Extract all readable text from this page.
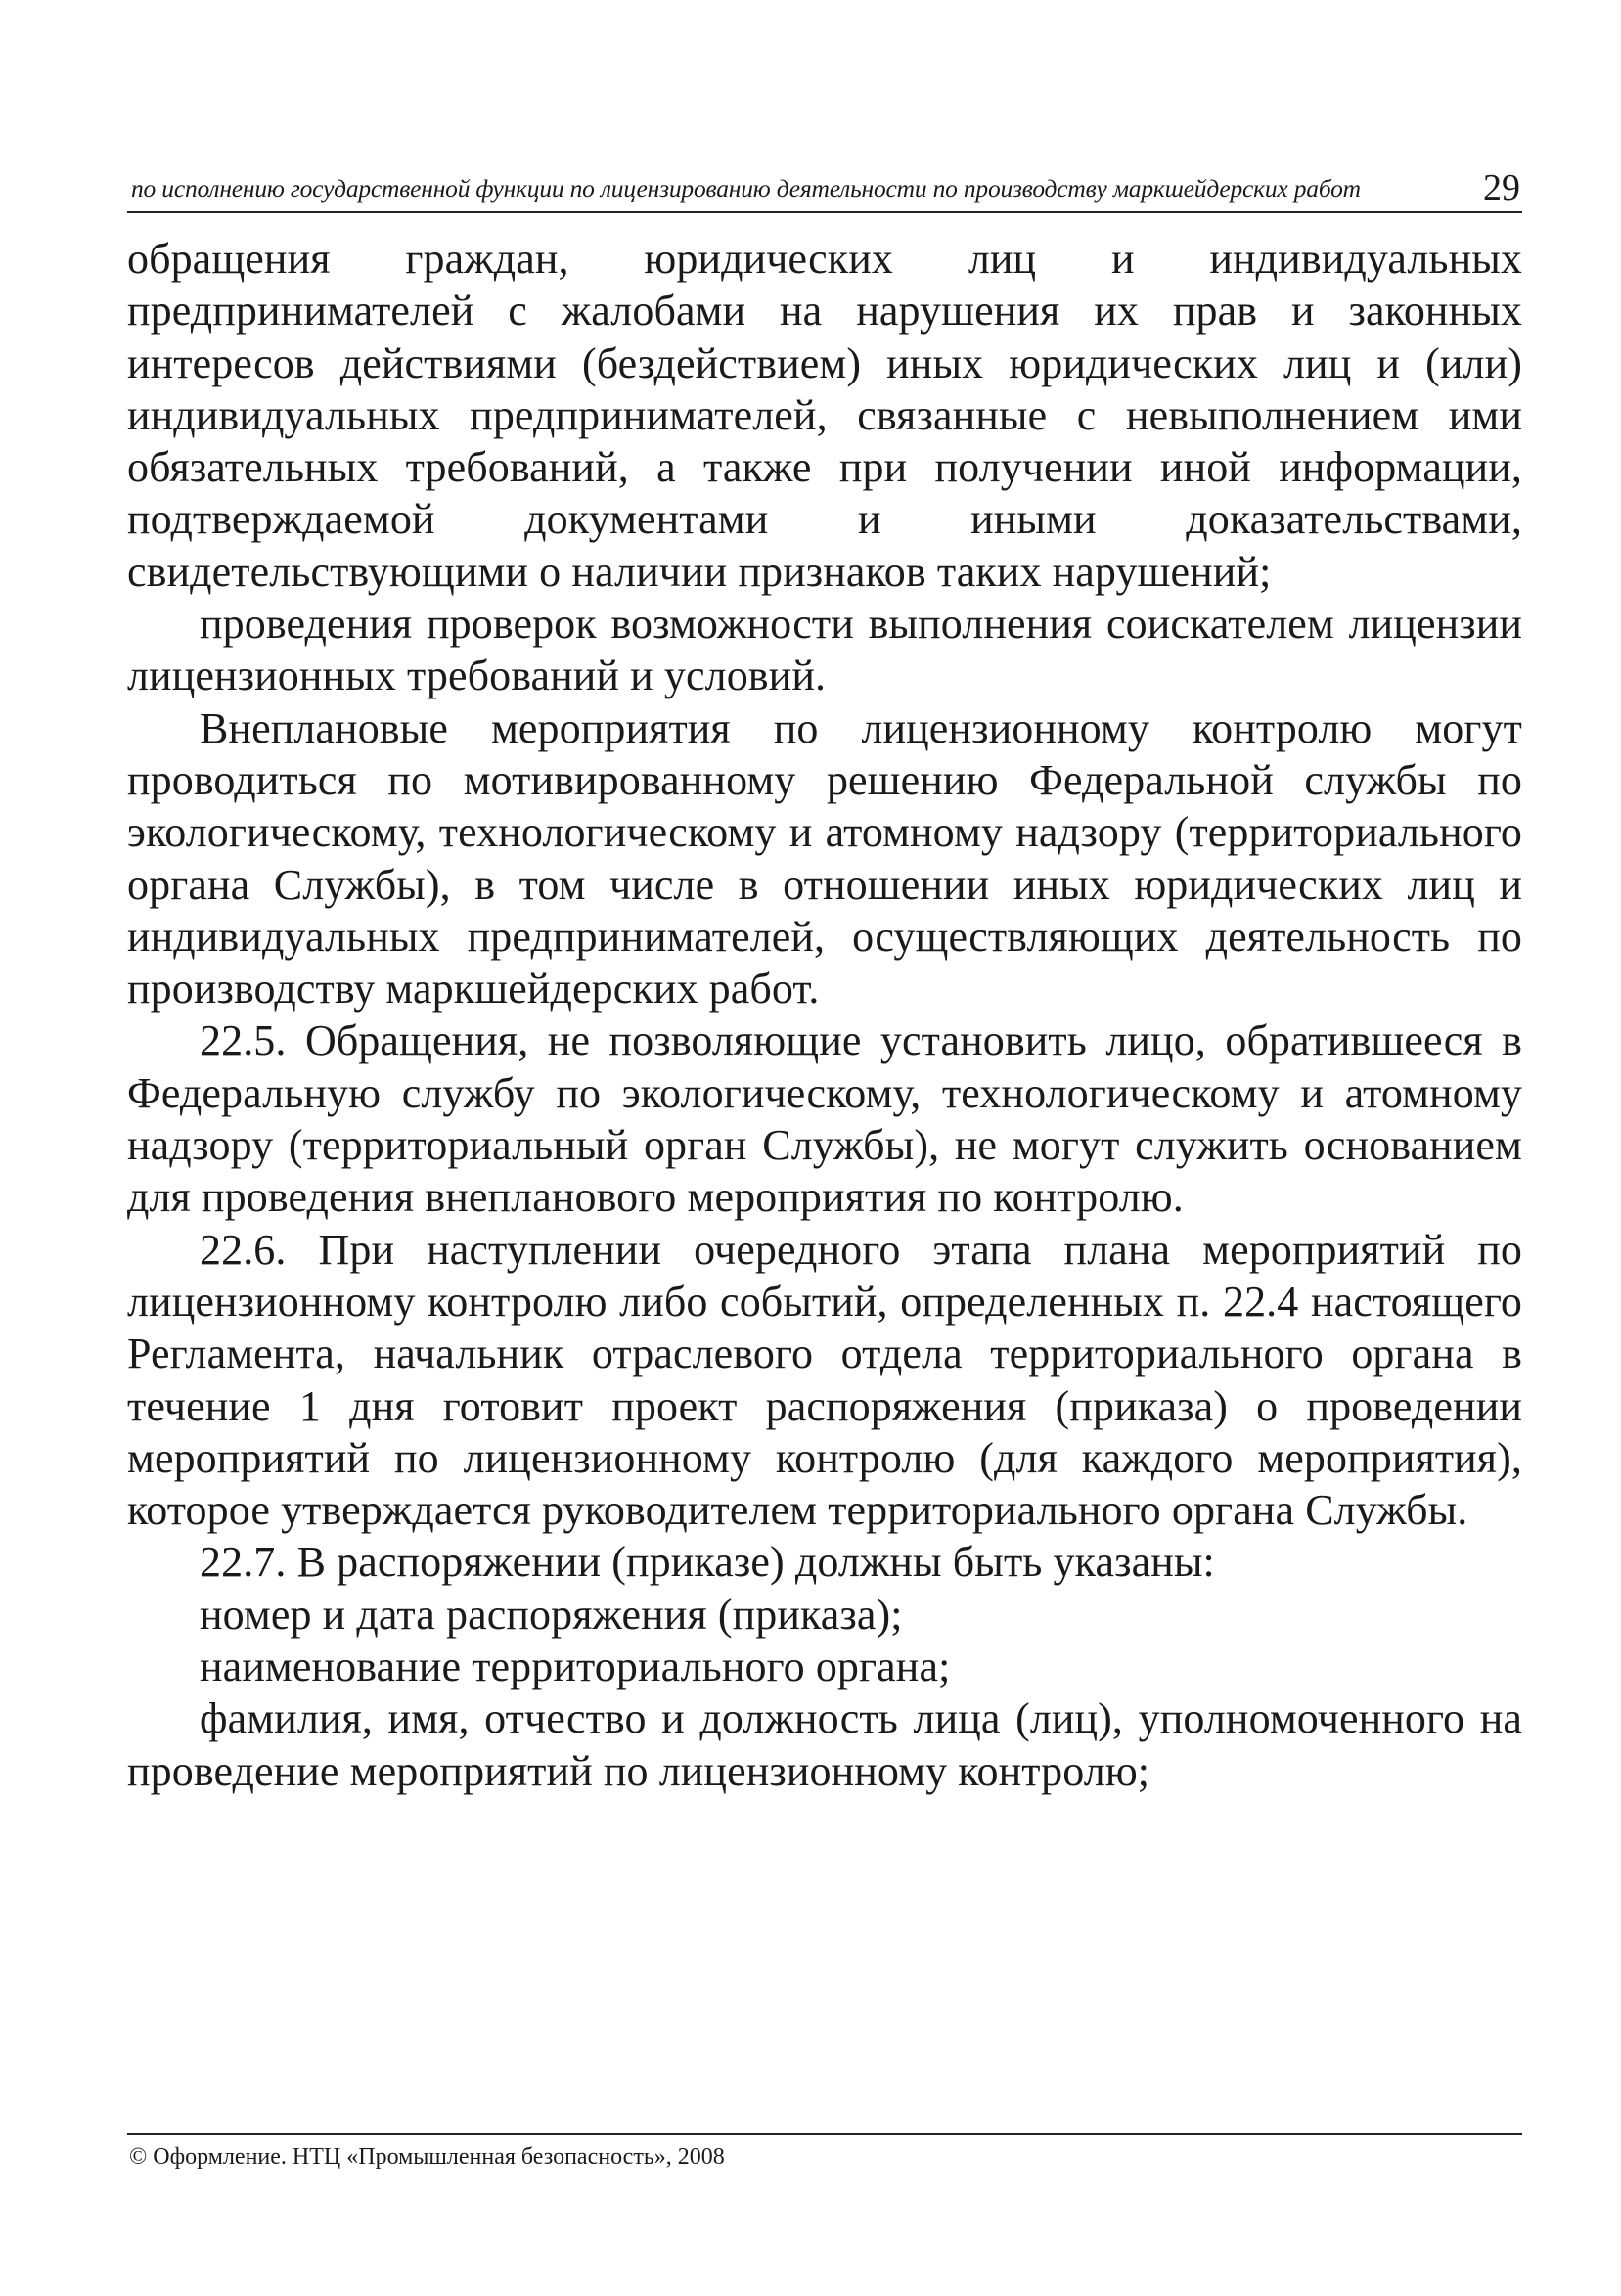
по исполнению государственной функции по лицензированию деятельности по производству маркшейдерских работ	29

обращения граждан, юридических лиц и индивидуальных предпринимателей с жалобами на нарушения их прав и законных интересов действиями (бездействием) иных юридических лиц и (или) индивидуальных предпринимателей, связанные с невыполнением ими обязательных требований, а также при получении иной информации, подтверждаемой документами и иными доказательствами, свидетельствующими о наличии признаков таких нарушений;

проведения проверок возможности выполнения соискателем лицензии лицензионных требований и условий.

Внеплановые мероприятия по лицензионному контролю могут проводиться по мотивированному решению Федеральной службы по экологическому, технологическому и атомному надзору (территориального органа Службы), в том числе в отношении иных юридических лиц и индивидуальных предпринимателей, осуществляющих деятельность по производству маркшейдерских работ.

22.5. Обращения, не позволяющие установить лицо, обратившееся в Федеральную службу по экологическому, технологическому и атомному надзору (территориальный орган Службы), не могут служить основанием для проведения внепланового мероприятия по контролю.

22.6. При наступлении очередного этапа плана мероприятий по лицензионному контролю либо событий, определенных п. 22.4 настоящего Регламента, начальник отраслевого отдела территориального органа в течение 1 дня готовит проект распоряжения (приказа) о проведении мероприятий по лицензионному контролю (для каждого мероприятия), которое утверждается руководителем территориального органа Службы.

22.7. В распоряжении (приказе) должны быть указаны:

номер и дата распоряжения (приказа);

наименование территориального органа;

фамилия, имя, отчество и должность лица (лиц), уполномоченного на проведение мероприятий по лицензионному контролю;

© Оформление. НТЦ «Промышленная безопасность», 2008
